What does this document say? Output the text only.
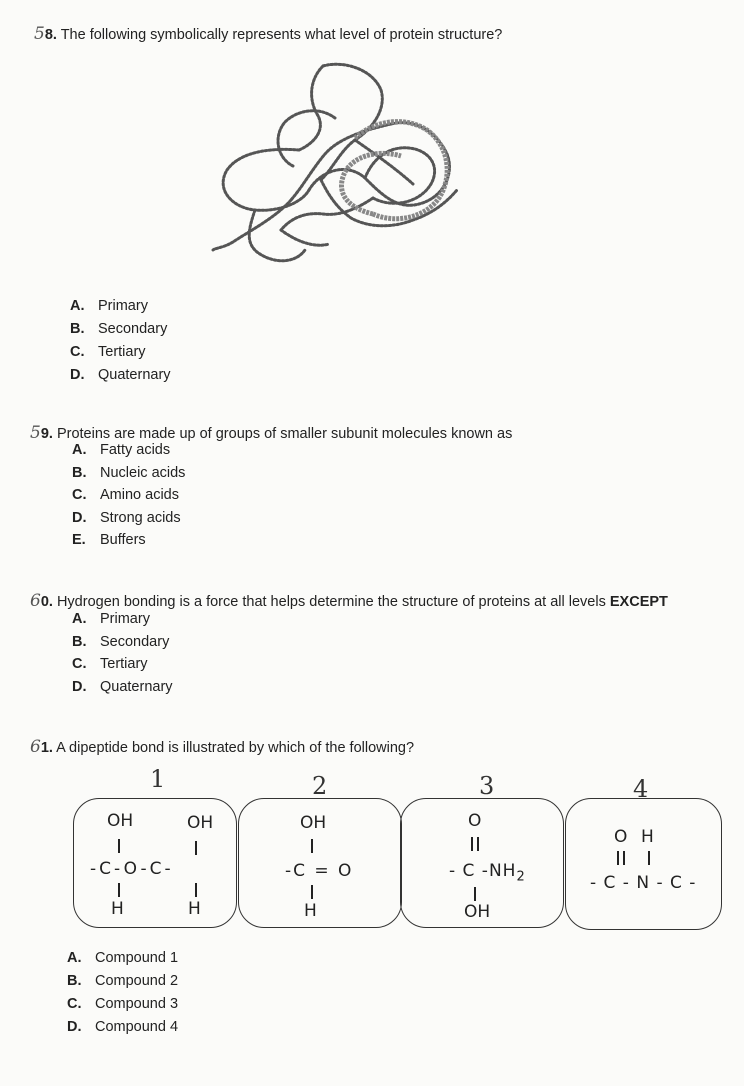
58. The following symbolically represents what level of protein structure?
A. Primary
B. Secondary
C. Tertiary
D. Quaternary
59. Proteins are made up of groups of smaller subunit molecules known as
A. Fatty acids
B. Nucleic acids
C. Amino acids
D. Strong acids
E. Buffers
60. Hydrogen bonding is a force that helps determine the structure of proteins at all levels EXCEPT
A. Primary
B. Secondary
C. Tertiary
D. Quaternary
61. A dipeptide bond is illustrated by which of the following?
1	2	3	4
OH	OH
-C-O-C-
H	H
OH
-C = O
H
O
- C $-NH_2$
OH
O H
- C - N - C -
A. Compound 1
B. Compound 2
C. Compound 3
D. Compound 4
